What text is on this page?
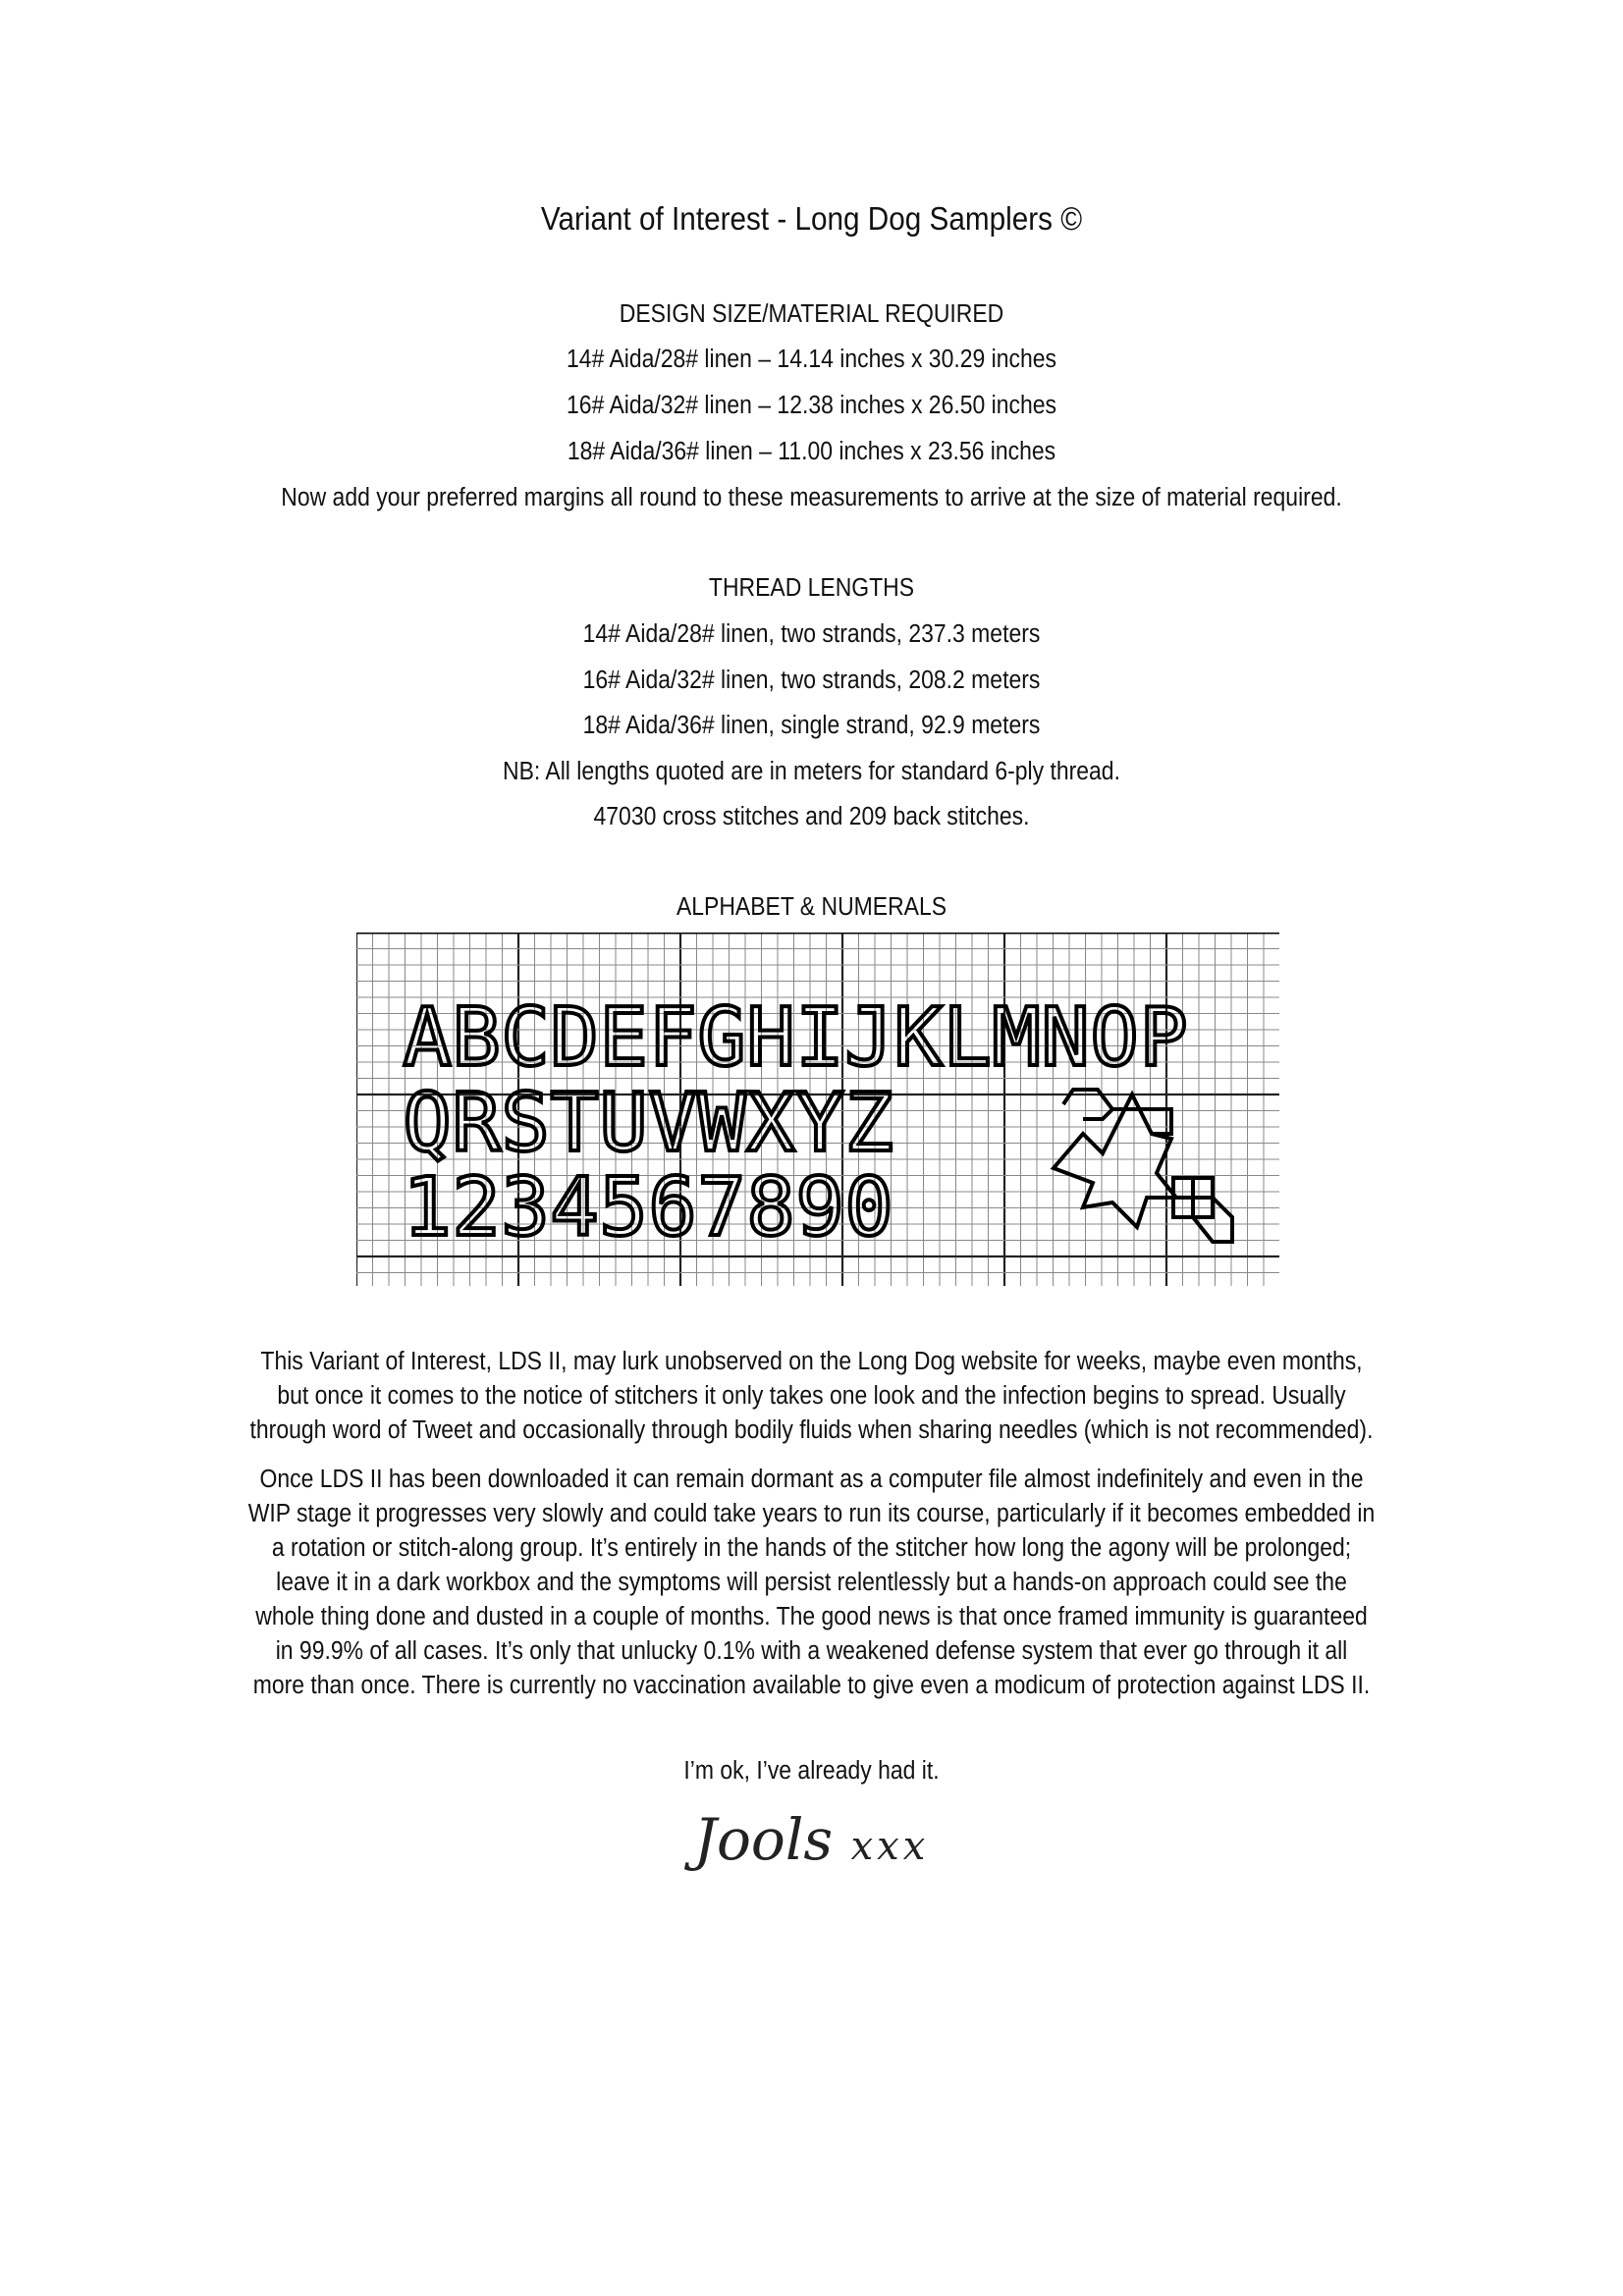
Variant of Interest - Long Dog Samplers ©

DESIGN SIZE/MATERIAL REQUIRED

14# Aida/28# linen – 14.14 inches x 30.29 inches

16# Aida/32# linen – 12.38 inches x 26.50 inches

18# Aida/36# linen – 11.00 inches x 23.56 inches

Now add your preferred margins all round to these measurements to arrive at the size of material required.

THREAD LENGTHS

14# Aida/28# linen, two strands, 237.3 meters

16# Aida/32# linen, two strands, 208.2 meters

18# Aida/36# linen, single strand, 92.9 meters

NB: All lengths quoted are in meters for standard 6-ply thread.

47030 cross stitches and 209 back stitches.

ALPHABET & NUMERALS

A B C D E F G H I J K L M N O P
Q R S T U V W X Y Z
1 2 3 4 5 6 7 8 9 0
This Variant of Interest, LDS II, may lurk unobserved on the Long Dog website for weeks, maybe even months,
but once it comes to the notice of stitchers it only takes one look and the infection begins to spread. Usually
through word of Tweet and occasionally through bodily fluids when sharing needles (which is not recommended).
Once LDS II has been downloaded it can remain dormant as a computer file almost indefinitely and even in the
WIP stage it progresses very slowly and could take years to run its course, particularly if it becomes embedded in
a rotation or stitch-along group. It’s entirely in the hands of the stitcher how long the agony will be prolonged;
leave it in a dark workbox and the symptoms will persist relentlessly but a hands-on approach could see the
whole thing done and dusted in a couple of months. The good news is that once framed immunity is guaranteed
in 99.9% of all cases. It’s only that unlucky 0.1% with a weakened defense system that ever go through it all
more than once. There is currently no vaccination available to give even a modicum of protection against LDS II.

I’m ok, I’ve already had it.

Jools xxx
